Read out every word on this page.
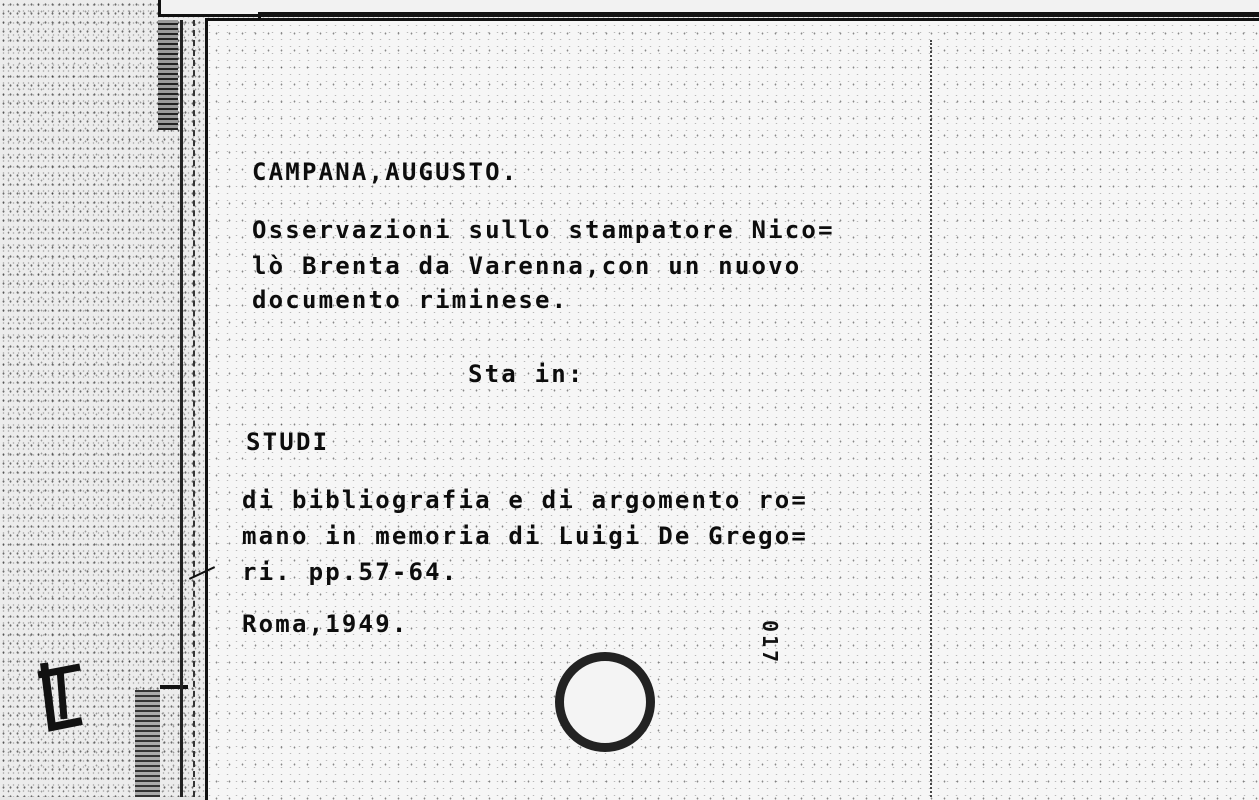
CAMPANA,AUGUSTO.
Osservazioni sullo stampatore Nico=
lò Brenta da Varenna,con un nuovo
documento riminese.
Sta in:
STUDI
di bibliografia e di argomento ro=
mano in memoria di Luigi De Grego=
ri. pp.57-64.
Roma,1949.	017
